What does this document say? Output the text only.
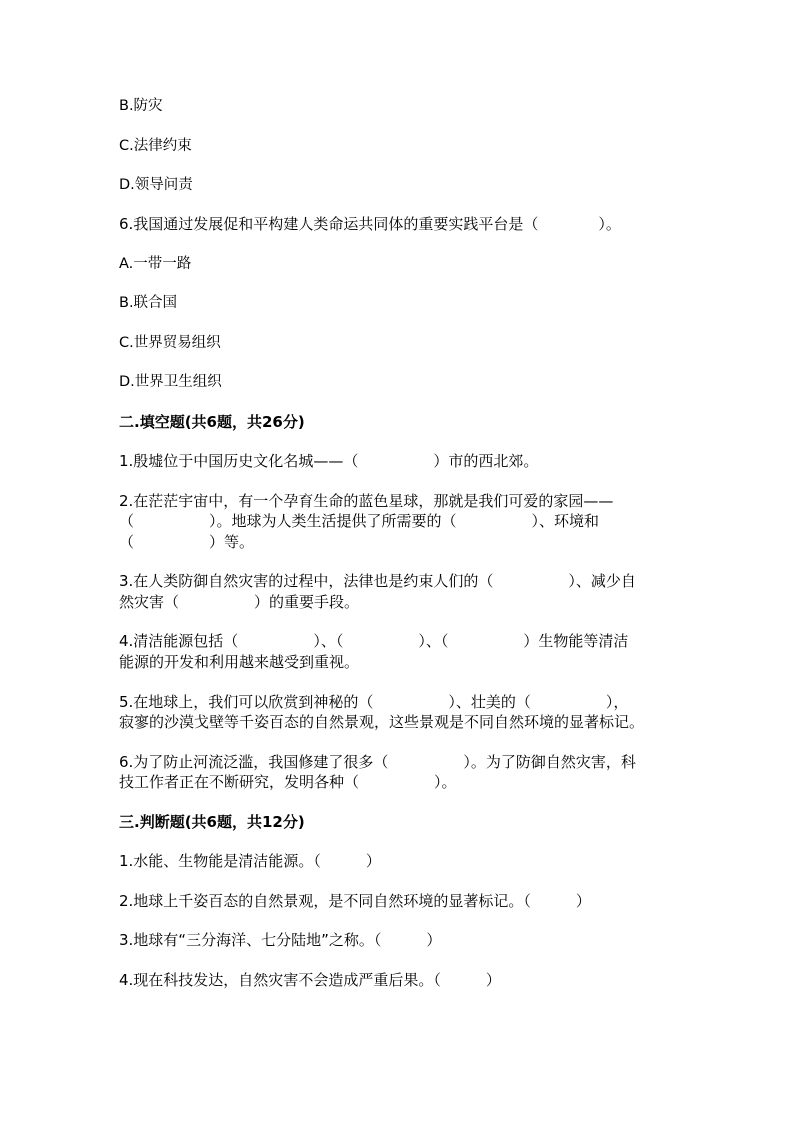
B.防灾
C.法律约束
D.领导问责
6.我国通过发展促和平构建人类命运共同体的重要实践平台是（　　　　）。
A.一带一路
B.联合国
C.世界贸易组织
D.世界卫生组织
二.填空题(共6题，共26分)
1.殷墟位于中国历史文化名城——（　　　　　）市的西北郊。
2.在茫茫宇宙中，有一个孕育生命的蓝色星球，那就是我们可爱的家园——
（　　　　　）。地球为人类生活提供了所需要的（　　　　　）、环境和
（　　　　　）等。
3.在人类防御自然灾害的过程中，法律也是约束人们的（　　　　　）、减少自
然灾害（　　　　　）的重要手段。
4.清洁能源包括（　　　　　）、（　　　　　）、（　　　　　）生物能等清洁
能源的开发和利用越来越受到重视。
5.在地球上，我们可以欣赏到神秘的（　　　　　）、壮美的（　　　　　），
寂寥的沙漠戈壁等千姿百态的自然景观，这些景观是不同自然环境的显著标记。
6.为了防止河流泛滥，我国修建了很多（　　　　　）。为了防御自然灾害，科
技工作者正在不断研究，发明各种（　　　　　）。
三.判断题(共6题，共12分)
1.水能、生物能是清洁能源。（　　　）
2.地球上千姿百态的自然景观，是不同自然环境的显著标记。（　　　）
3.地球有“三分海洋、七分陆地”之称。（　　　）
4.现在科技发达，自然灾害不会造成严重后果。（　　　）
